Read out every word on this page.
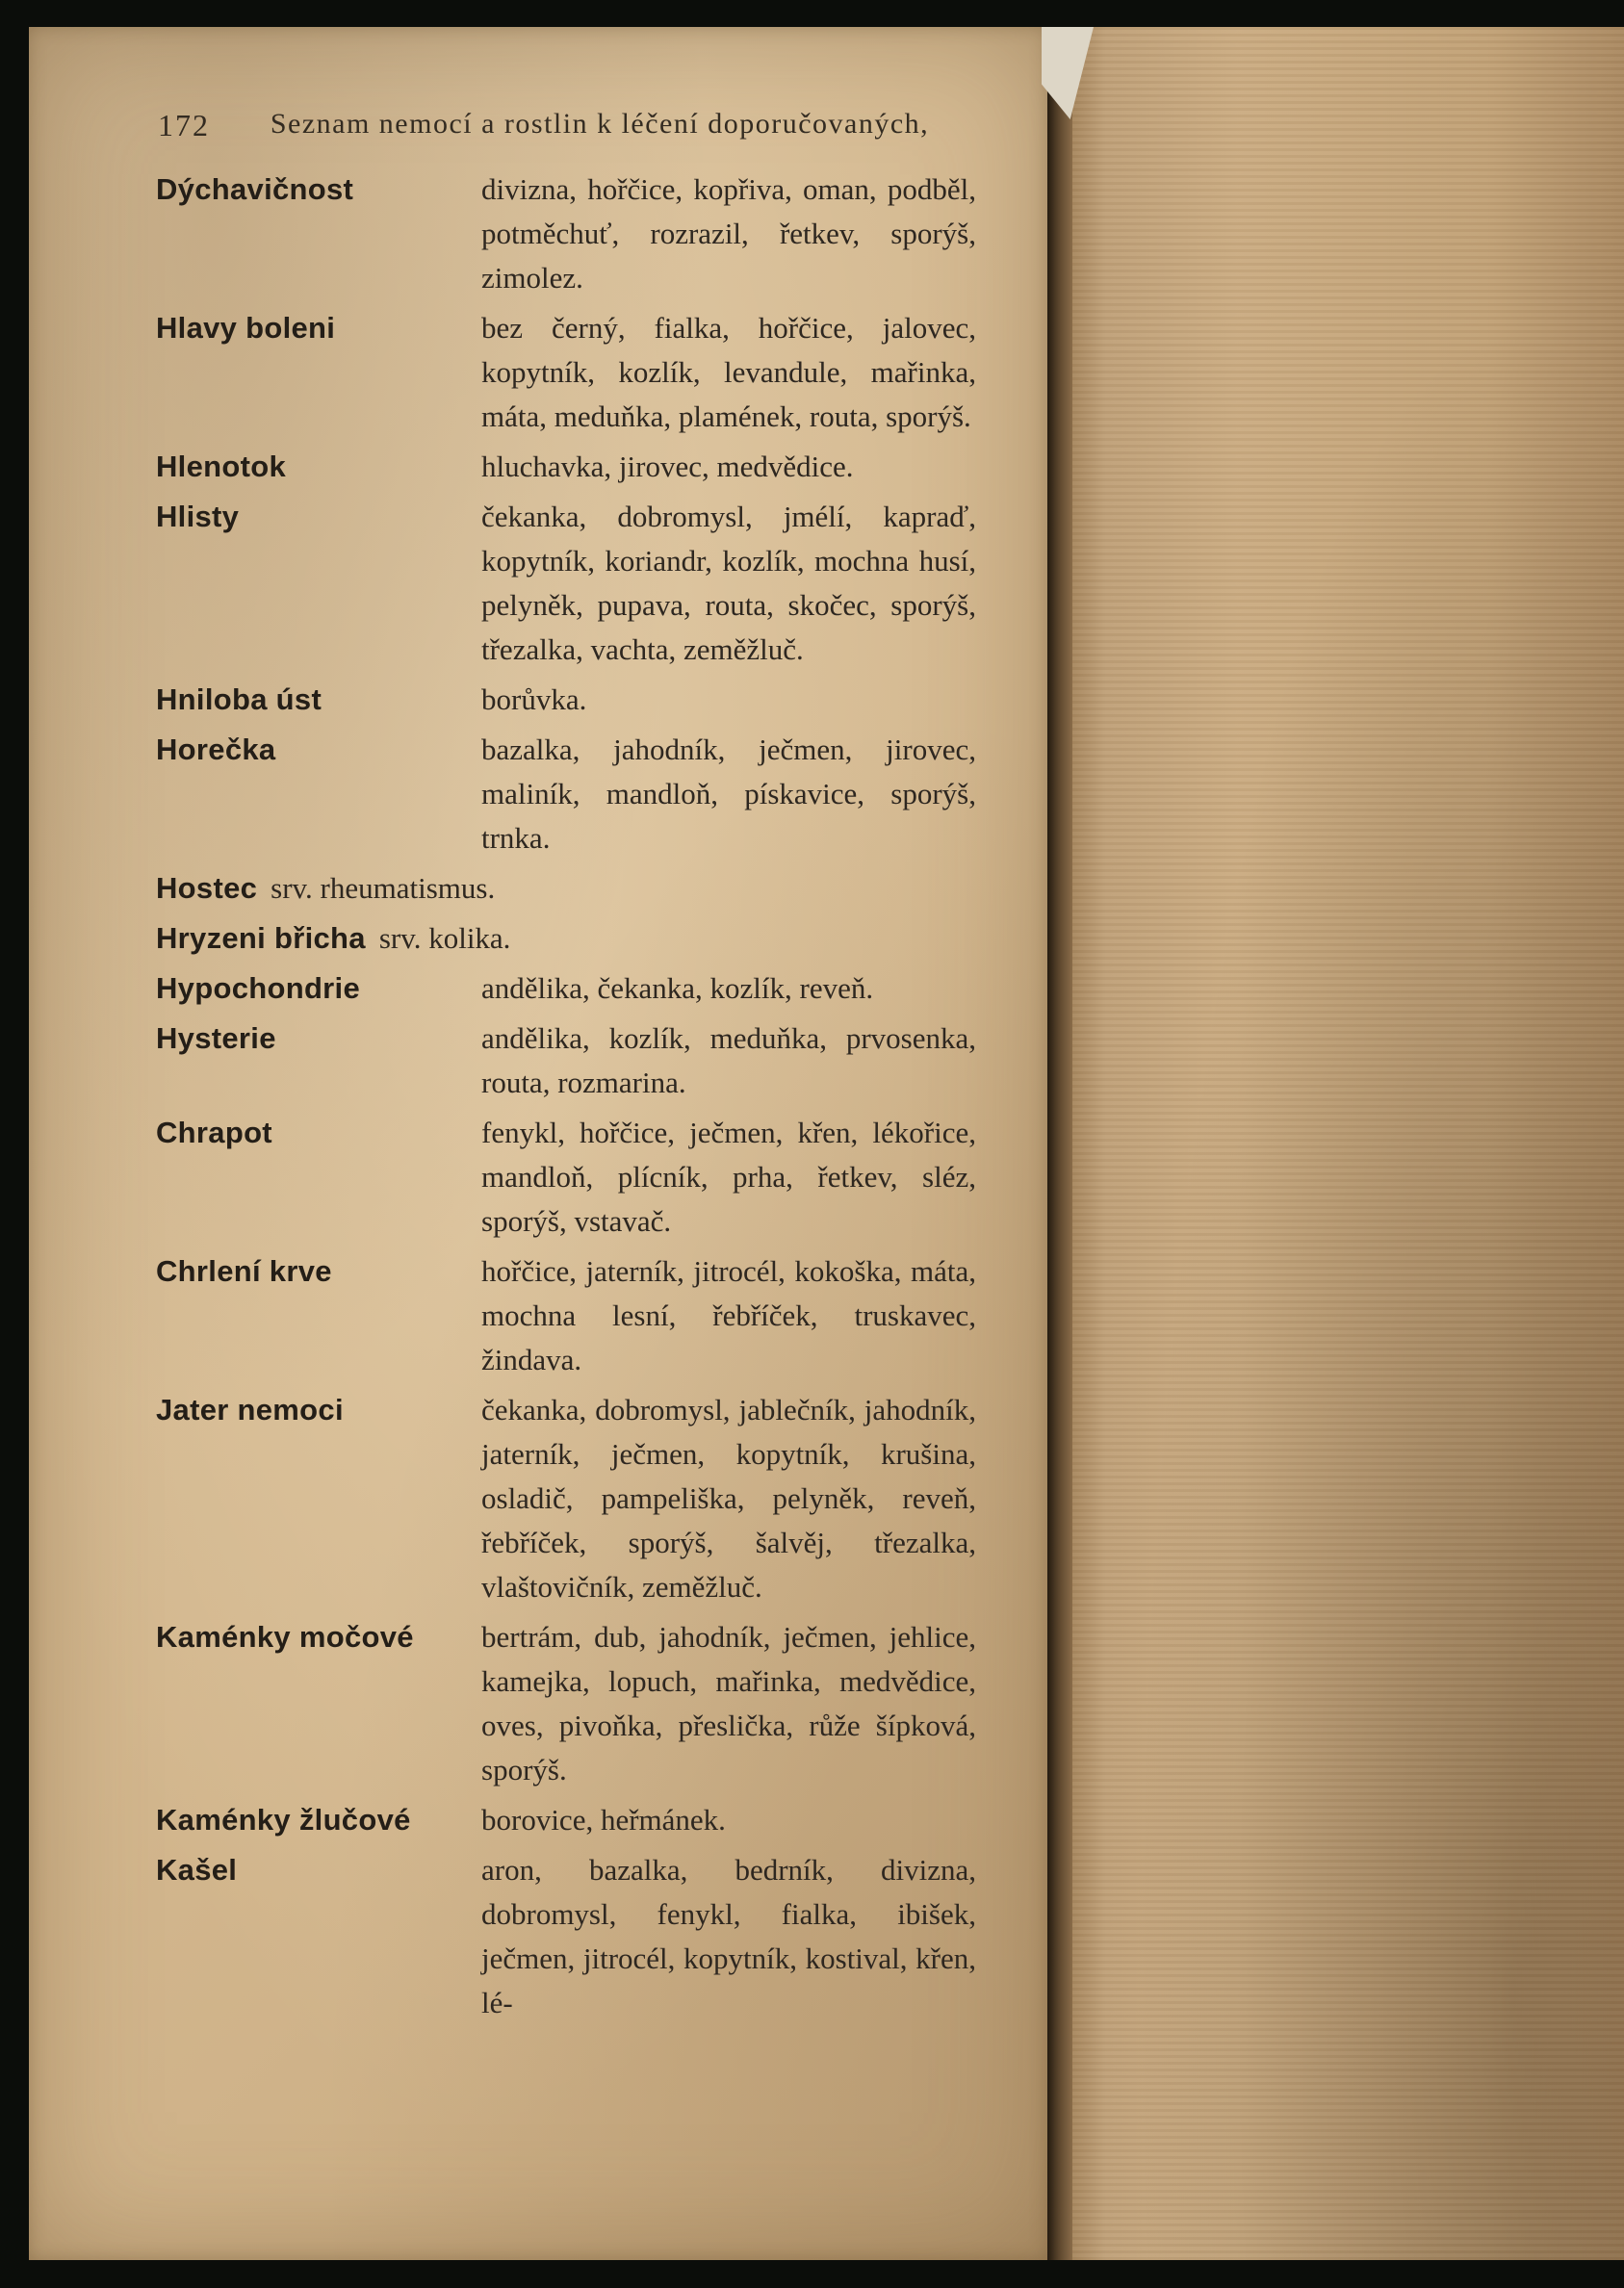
172	Seznam nemocí a rostlin k léčení doporučovaných,
Dýchavičnost	divizna, hořčice, kopřiva, oman, podběl, potměchuť, rozrazil, řetkev, sporýš, zimolez.
Hlavy boleni	bez černý, fialka, hořčice, jalovec, kopytník, kozlík, levandule, mařinka, máta, meduňka, plamének, routa, sporýš.
Hlenotok	hluchavka, jirovec, medvědice.
Hlisty	čekanka, dobromysl, jmélí, kapraď, kopytník, koriandr, kozlík, mochna husí, pelyněk, pupava, routa, skočec, sporýš, třezalka, vachta, zeměžluč.
Hniloba úst	borůvka.
Horečka	bazalka, jahodník, ječmen, jirovec, maliník, mandloň, pískavice, sporýš, trnka.
Hostec srv. rheumatismus.
Hryzeni břicha srv. kolika.
Hypochondrie	andělika, čekanka, kozlík, reveň.
Hysterie	andělika, kozlík, meduňka, prvosenka, routa, rozmarina.
Chrapot	fenykl, hořčice, ječmen, křen, lékořice, mandloň, plícník, prha, řetkev, sléz, sporýš, vstavač.
Chrlení krve	hořčice, jaterník, jitrocél, kokoška, máta, mochna lesní, řebříček, truskavec, žindava.
Jater nemoci	čekanka, dobromysl, jablečník, jahodník, jaterník, ječmen, kopytník, krušina, osladič, pampeliška, pelyněk, reveň, řebříček, sporýš, šalvěj, třezalka, vlaštovičník, zeměžluč.
Kaménky močové	bertrám, dub, jahodník, ječmen, jehlice, kamejka, lopuch, mařinka, medvědice, oves, pivoňka, přeslička, růže šípková, sporýš.
Kaménky žlučové	borovice, heřmánek.
Kašel	aron, bazalka, bedrník, divizna, dobromysl, fenykl, fialka, ibišek, ječmen, jitrocél, kopytník, kostival, křen, lé-
